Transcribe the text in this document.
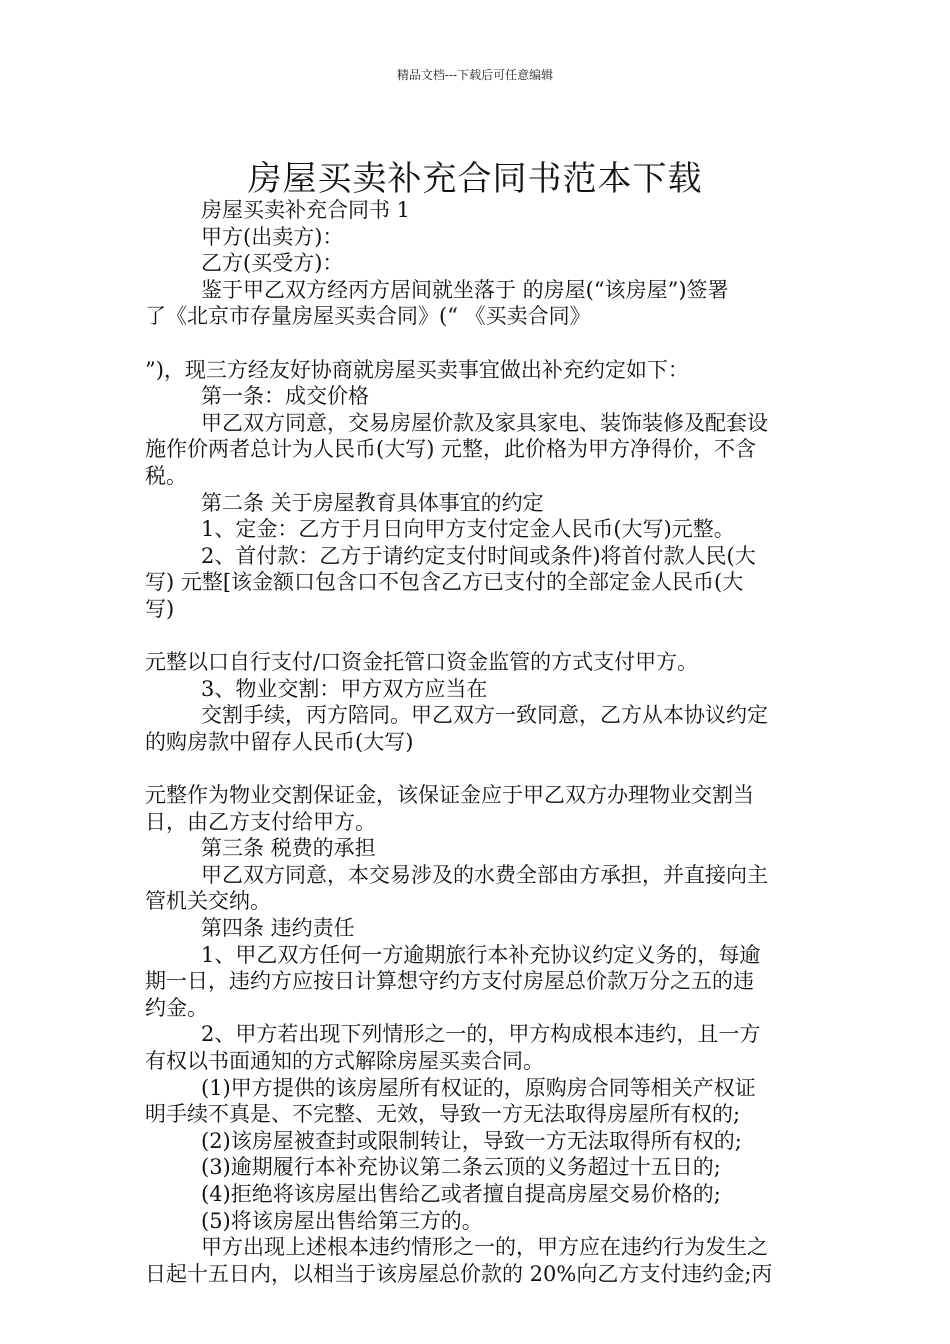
精品文档---下载后可任意编辑
房屋买卖补充合同书范本下载
房屋买卖补充合同书 1
甲方(出卖方)：
乙方(买受方)：
鉴于甲乙双方经丙方居间就坐落于 的房屋(“该房屋”)签署
了《北京市存量房屋买卖合同》(“ 《买卖合同》

”)，现三方经友好协商就房屋买卖事宜做出补充约定如下：
第一条：成交价格
甲乙双方同意，交易房屋价款及家具家电、装饰装修及配套设
施作价两者总计为人民币(大写) 元整，此价格为甲方净得价，不含
税。
第二条 关于房屋教育具体事宜的约定
1、定金：乙方于月日向甲方支付定金人民币(大写)元整。
2、首付款：乙方于请约定支付时间或条件)将首付款人民(大
写) 元整[该金额口包含口不包含乙方已支付的全部定金人民币(大
写)

元整以口自行支付/口资金托管口资金监管的方式支付甲方。
3、物业交割：甲方双方应当在
交割手续，丙方陪同。甲乙双方一致同意，乙方从本协议约定
的购房款中留存人民币(大写)

元整作为物业交割保证金，该保证金应于甲乙双方办理物业交割当
日，由乙方支付给甲方。
第三条 税费的承担
甲乙双方同意，本交易涉及的水费全部由方承担，并直接向主
管机关交纳。
第四条 违约责任
1、甲乙双方任何一方逾期旅行本补充协议约定义务的，每逾
期一日，违约方应按日计算想守约方支付房屋总价款万分之五的违
约金。
2、甲方若出现下列情形之一的，甲方构成根本违约，且一方
有权以书面通知的方式解除房屋买卖合同。
(1)甲方提供的该房屋所有权证的，原购房合同等相关产权证
明手续不真是、不完整、无效，导致一方无法取得房屋所有权的;
(2)该房屋被查封或限制转让，导致一方无法取得所有权的;
(3)逾期履行本补充协议第二条云顶的义务超过十五日的;
(4)拒绝将该房屋出售给乙或者擅自提高房屋交易价格的;
(5)将该房屋出售给第三方的。
甲方出现上述根本违约情形之一的，甲方应在违约行为发生之
日起十五日内，以相当于该房屋总价款的 20%向乙方支付违约金;丙
